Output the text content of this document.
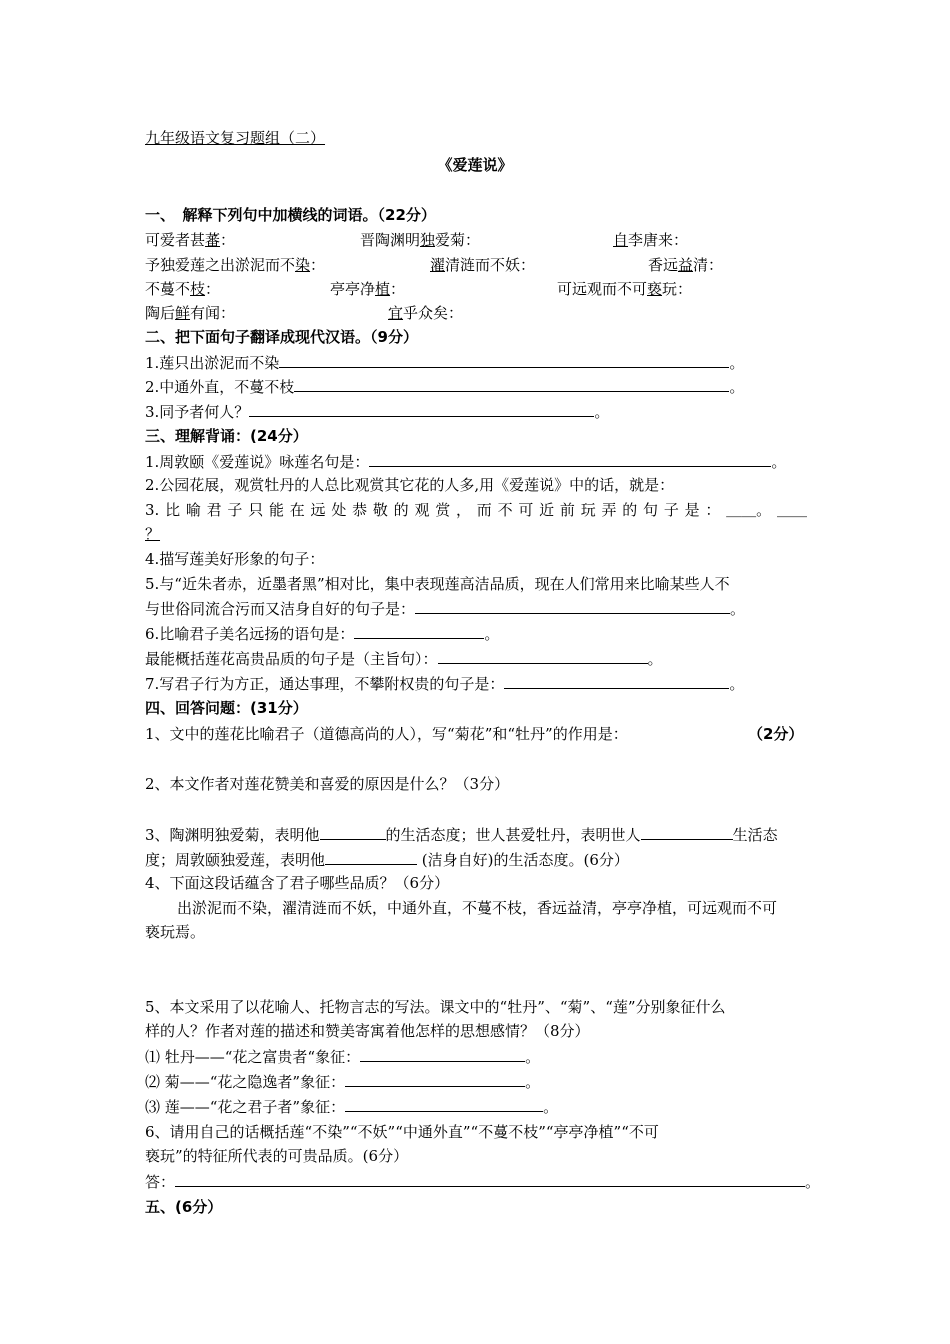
九年级语文复习题组（二）
《爱莲说》
一、　解释下列句中加横线的词语。（22分）
可爱者甚蕃：	晋陶渊明独爱菊：	自李唐来：
予独爱莲之出淤泥而不染：	濯清涟而不妖：	香远益清：
不蔓不枝：	亭亭净植：	可远观而不可亵玩：
陶后鲜有闻：	宜乎众矣：
二、把下面句子翻译成现代汉语。（9分）
1.莲只出淤泥而不染	。
2.中通外直，不蔓不枝	。
3.同予者何人？	。
三、理解背诵：(24分）
1.周敦颐《爱莲说》咏莲名句是：	。
2.公园花展，观赏牡丹的人总比观赏其它花的人多,用《爱莲说》中的话，就是：
3. 比 喻 君 子 只 能 在 远 处 恭 敬 的 观 赏 ， 而 不 可 近 前 玩 弄 的 句 子 是 ： ＿＿。 ＿＿
？
4.描写莲美好形象的句子：
5.与“近朱者赤，近墨者黑”相对比，集中表现莲高洁品质，现在人们常用来比喻某些人不
与世俗同流合污而又洁身自好的句子是：	。
6.比喻君子美名远扬的语句是：	。
最能概括莲花高贵品质的句子是（主旨句）：	。
7.写君子行为方正，通达事理，不攀附权贵的句子是：	。
四、回答问题：(31分）
1、文中的莲花比喻君子（道德高尚的人），写“菊花”和“牡丹”的作用是：	（2分）
2、本文作者对莲花赞美和喜爱的原因是什么？（3分）
3、陶渊明独爱菊，表明他	的生活态度；世人甚爱牡丹，表明世人	生活态
度；周敦颐独爱莲，表明他	(洁身自好)的生活态度。(6分）
4、下面这段话蕴含了君子哪些品质？（6分）
出淤泥而不染，濯清涟而不妖，中通外直，不蔓不枝，香远益清，亭亭净植，可远观而不可
亵玩焉。
5、本文采用了以花喻人、托物言志的写法。课文中的“牡丹”、“菊”、“莲”分别象征什么
样的人？作者对莲的描述和赞美寄寓着他怎样的思想感情？（8分）
⑴ 牡丹——“花之富贵者“象征：	。
⑵ 菊——“花之隐逸者”象征：	。
⑶ 莲——“花之君子者”象征：	。
6、请用自己的话概括莲“不染”“不妖”“中通外直”“不蔓不枝”“亭亭净植”“不可
亵玩”的特征所代表的可贵品质。(6分）
答：	。
五、(6分）
